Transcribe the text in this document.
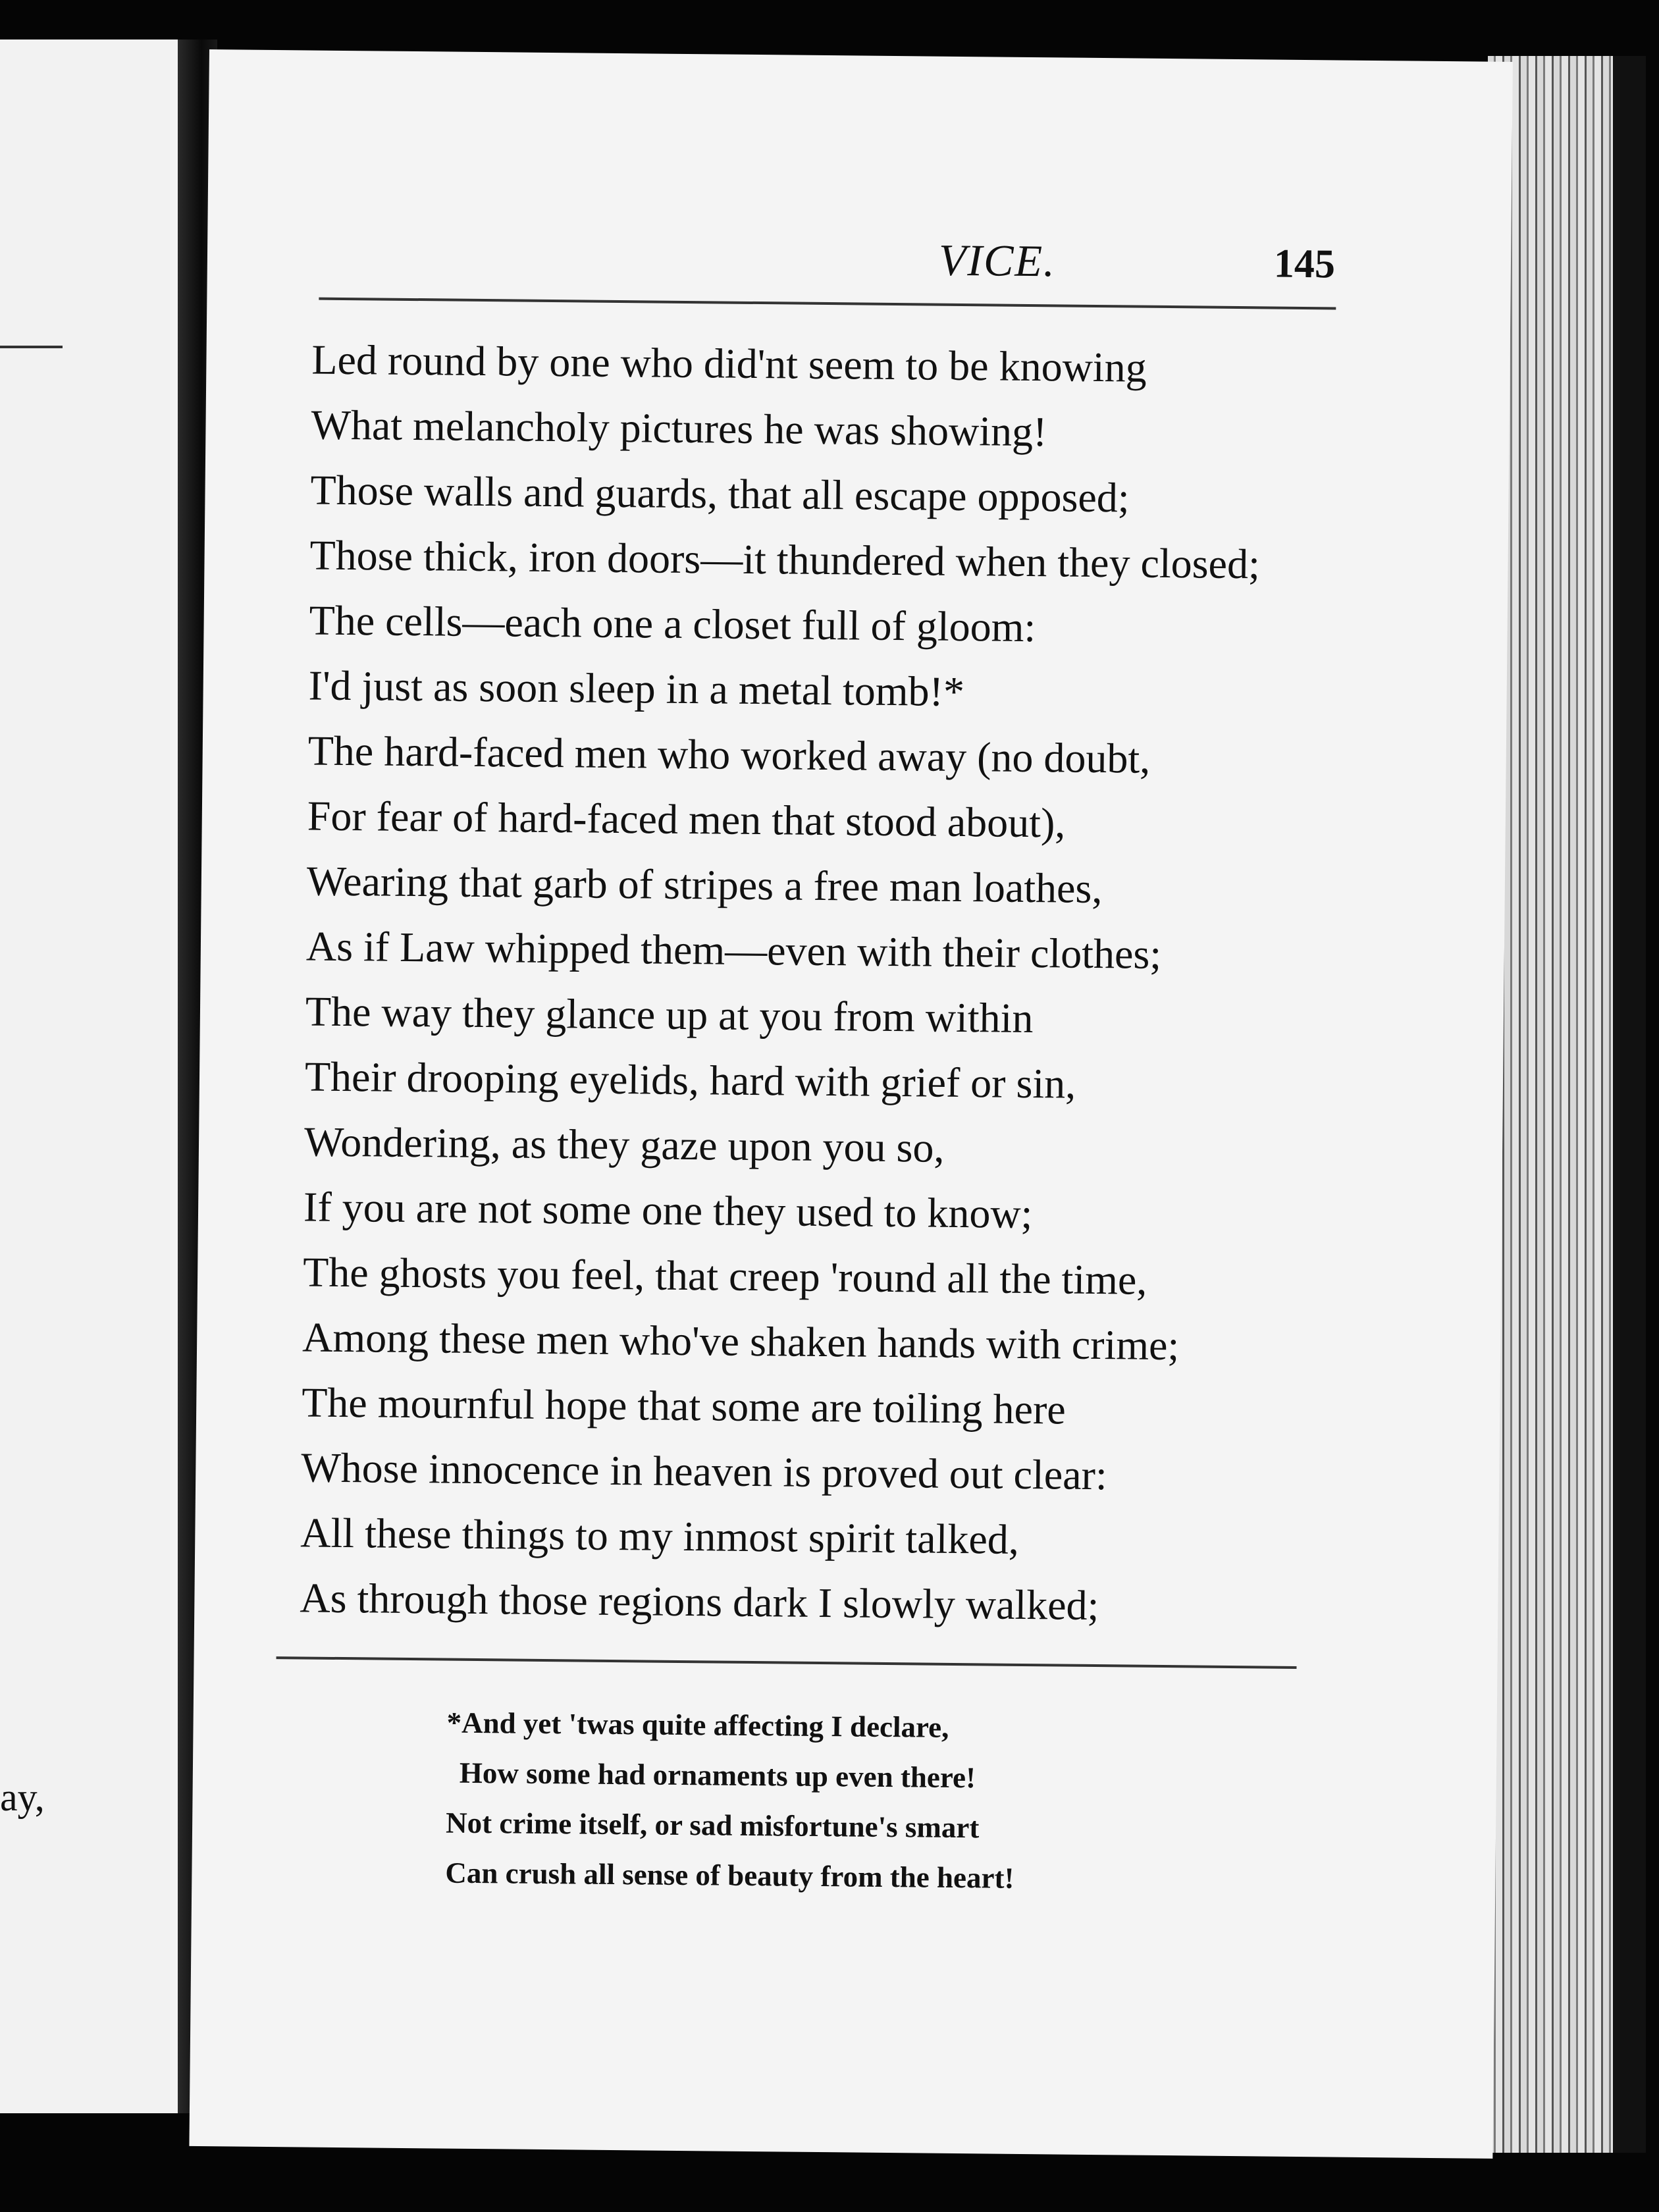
ay,
VICE.	145
Led round by one who did'nt seem to be knowing
What melancholy pictures he was showing!
Those walls and guards, that all escape opposed;
Those thick, iron doors—it thundered when they closed;
The cells—each one a closet full of gloom:
I'd just as soon sleep in a metal tomb!*
The hard-faced men who worked away (no doubt,
For fear of hard-faced men that stood about),
Wearing that garb of stripes a free man loathes,
As if Law whipped them—even with their clothes;
The way they glance up at you from within
Their drooping eyelids, hard with grief or sin,
Wondering, as they gaze upon you so,
If you are not some one they used to know;
The ghosts you feel, that creep 'round all the time,
Among these men who've shaken hands with crime;
The mournful hope that some are toiling here
Whose innocence in heaven is proved out clear:
All these things to my inmost spirit talked,
As through those regions dark I slowly walked;
*And yet 'twas quite affecting I declare,
How some had ornaments up even there!
Not crime itself, or sad misfortune's smart
Can crush all sense of beauty from the heart!
